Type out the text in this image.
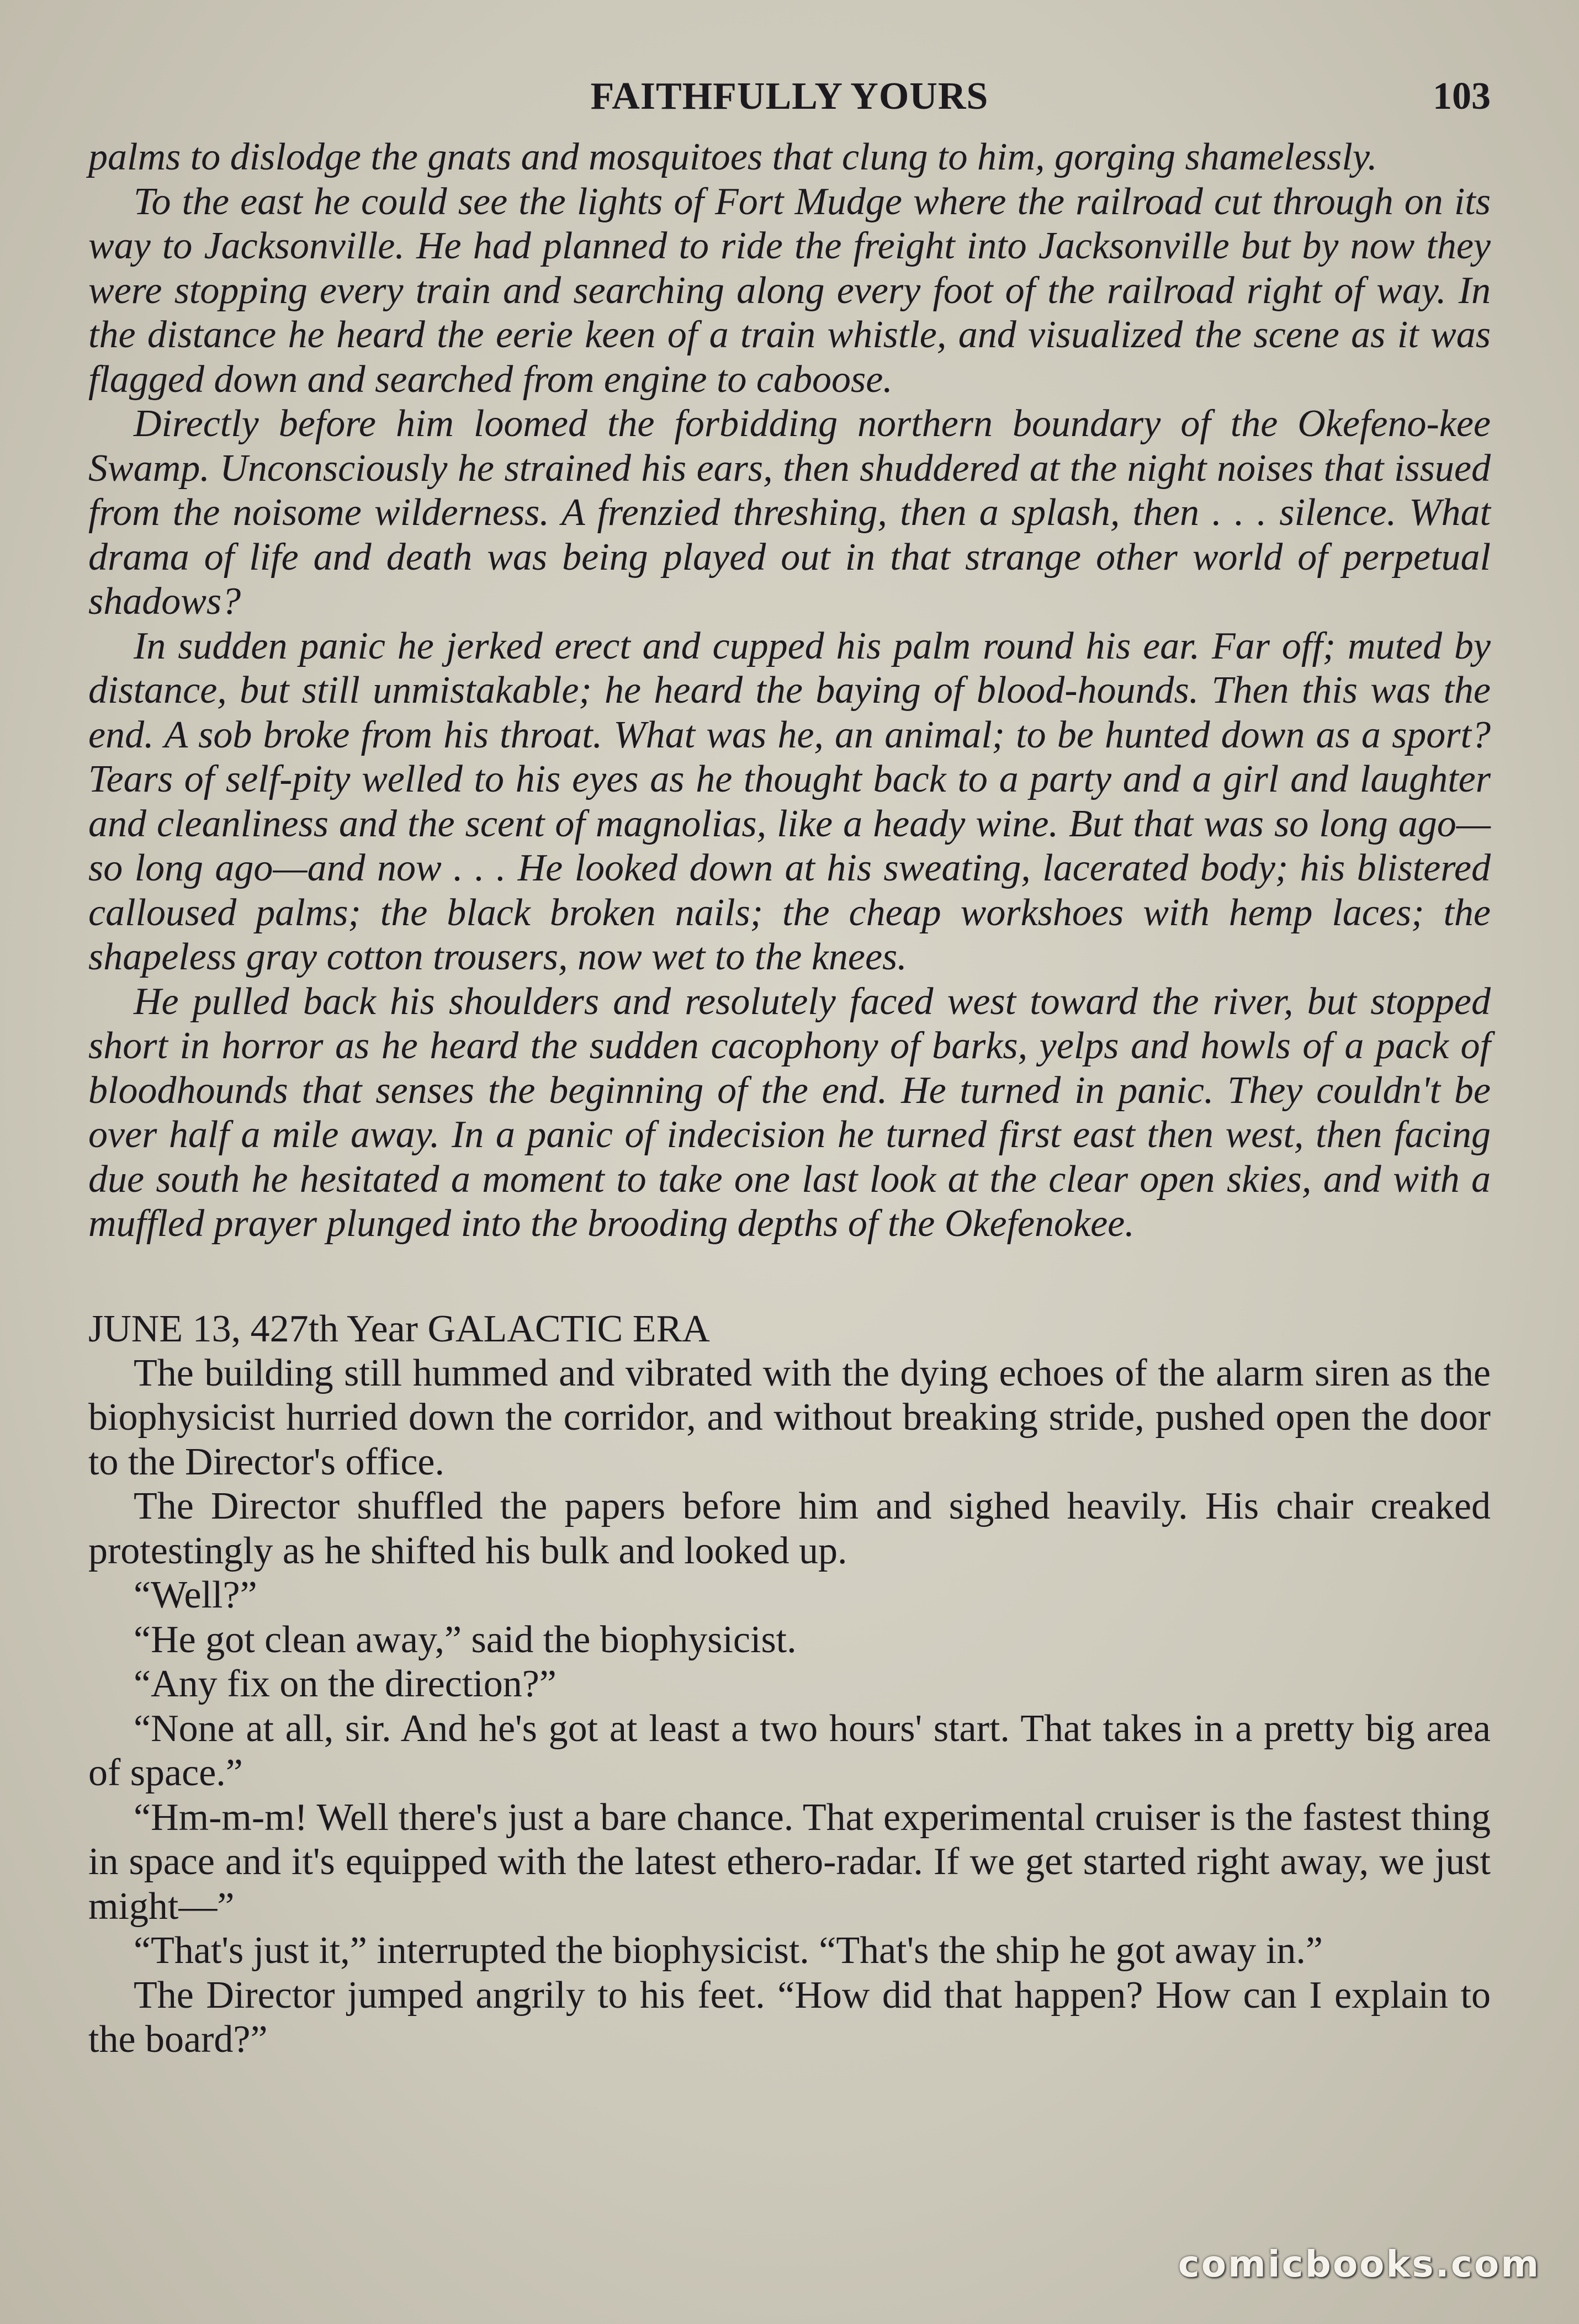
FAITHFULLY YOURS	103

palms to dislodge the gnats and mosquitoes that clung to him, gorging shamelessly.

To the east he could see the lights of Fort Mudge where the railroad cut through on its way to Jacksonville. He had planned to ride the freight into Jacksonville but by now they were stopping every train and searching along every foot of the railroad right of way. In the distance he heard the eerie keen of a train whistle, and visualized the scene as it was flagged down and searched from engine to caboose.

Directly before him loomed the forbidding northern boundary of the Okefeno-kee Swamp. Unconsciously he strained his ears, then shuddered at the night noises that issued from the noisome wilderness. A frenzied threshing, then a splash, then . . . silence. What drama of life and death was being played out in that strange other world of perpetual shadows?

In sudden panic he jerked erect and cupped his palm round his ear. Far off; muted by distance, but still unmistakable; he heard the baying of blood-hounds. Then this was the end. A sob broke from his throat. What was he, an animal; to be hunted down as a sport? Tears of self-pity welled to his eyes as he thought back to a party and a girl and laughter and cleanliness and the scent of magnolias, like a heady wine. But that was so long ago—so long ago—and now . . . He looked down at his sweating, lacerated body; his blistered calloused palms; the black broken nails; the cheap workshoes with hemp laces; the shapeless gray cotton trousers, now wet to the knees.

He pulled back his shoulders and resolutely faced west toward the river, but stopped short in horror as he heard the sudden cacophony of barks, yelps and howls of a pack of bloodhounds that senses the beginning of the end. He turned in panic. They couldn't be over half a mile away. In a panic of indecision he turned first east then west, then facing due south he hesitated a moment to take one last look at the clear open skies, and with a muffled prayer plunged into the brooding depths of the Okefenokee.

JUNE 13, 427th Year GALACTIC ERA

The building still hummed and vibrated with the dying echoes of the alarm siren as the biophysicist hurried down the corridor, and without breaking stride, pushed open the door to the Director's office.

The Director shuffled the papers before him and sighed heavily. His chair creaked protestingly as he shifted his bulk and looked up.

“Well?”

“He got clean away,” said the biophysicist.

“Any fix on the direction?”

“None at all, sir. And he's got at least a two hours' start. That takes in a pretty big area of space.”

“Hm-m-m! Well there's just a bare chance. That experimental cruiser is the fastest thing in space and it's equipped with the latest ethero-radar. If we get started right away, we just might—”

“That's just it,” interrupted the biophysicist. “That's the ship he got away in.”

The Director jumped angrily to his feet. “How did that happen? How can I explain to the board?”

comicbooks.com
